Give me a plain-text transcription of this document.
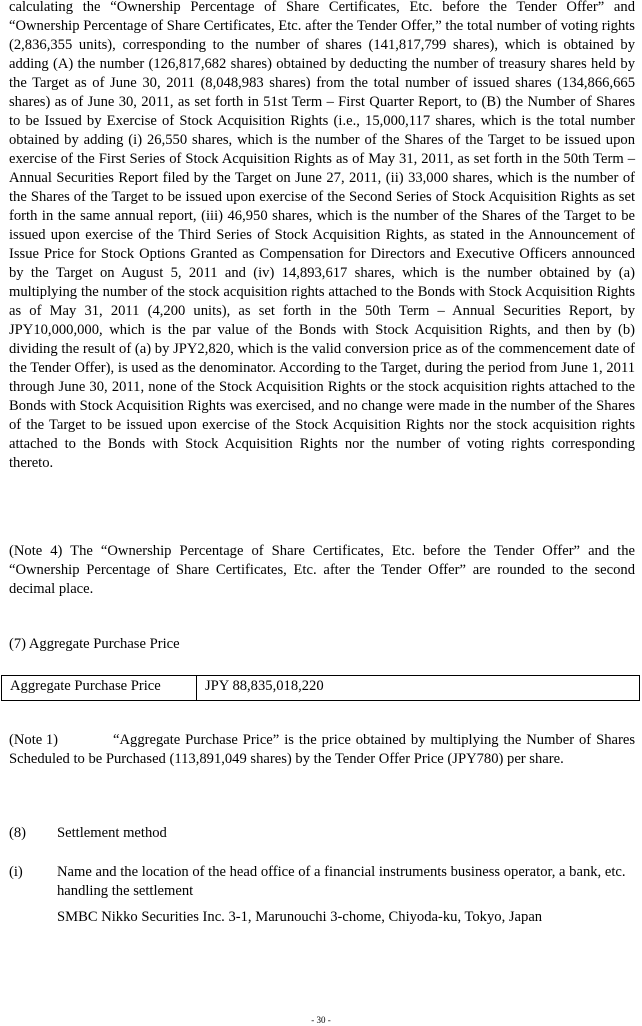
calculating the “Ownership Percentage of Share Certificates, Etc. before the Tender Offer” and “Ownership Percentage of Share Certificates, Etc. after the Tender Offer,” the total number of voting rights (2,836,355 units), corresponding to the number of shares (141,817,799 shares), which is obtained by adding (A) the number (126,817,682 shares) obtained by deducting the number of treasury shares held by the Target as of June 30, 2011 (8,048,983 shares) from the total number of issued shares (134,866,665 shares) as of June 30, 2011, as set forth in 51st Term – First Quarter Report, to (B) the Number of Shares to be Issued by Exercise of Stock Acquisition Rights (i.e., 15,000,117 shares, which is the total number obtained by adding (i) 26,550 shares, which is the number of the Shares of the Target to be issued upon exercise of the First Series of Stock Acquisition Rights as of May 31, 2011, as set forth in the 50th Term – Annual Securities Report filed by the Target on June 27, 2011, (ii) 33,000 shares, which is the number of the Shares of the Target to be issued upon exercise of the Second Series of Stock Acquisition Rights as set forth in the same annual report, (iii) 46,950 shares, which is the number of the Shares of the Target to be issued upon exercise of the Third Series of Stock Acquisition Rights, as stated in the Announcement of Issue Price for Stock Options Granted as Compensation for Directors and Executive Officers announced by the Target on August 5, 2011 and (iv) 14,893,617 shares, which is the number obtained by (a) multiplying the number of the stock acquisition rights attached to the Bonds with Stock Acquisition Rights as of May 31, 2011 (4,200 units), as set forth in the 50th Term – Annual Securities Report, by JPY10,000,000, which is the par value of the Bonds with Stock Acquisition Rights, and then by (b) dividing the result of (a) by JPY2,820, which is the valid conversion price as of the commencement date of the Tender Offer), is used as the denominator. According to the Target, during the period from June 1, 2011 through June 30, 2011, none of the Stock Acquisition Rights or the stock acquisition rights attached to the Bonds with Stock Acquisition Rights was exercised, and no change were made in the number of the Shares of the Target to be issued upon exercise of the Stock Acquisition Rights nor the stock acquisition rights attached to the Bonds with Stock Acquisition Rights nor the number of voting rights corresponding thereto.

(Note 4) The “Ownership Percentage of Share Certificates, Etc. before the Tender Offer” and the “Ownership Percentage of Share Certificates, Etc. after the Tender Offer” are rounded to the second decimal place.

(7) Aggregate Purchase Price

Aggregate Purchase Price	JPY 88,835,018,220

(Note 1)	“Aggregate Purchase Price” is the price obtained by multiplying the Number of Shares Scheduled to be Purchased (113,891,049 shares) by the Tender Offer Price (JPY780) per share.

(8) Settlement method

(i) Name and the location of the head office of a financial instruments business operator, a bank, etc. handling the settlement

SMBC Nikko Securities Inc. 3-1, Marunouchi 3-chome, Chiyoda-ku, Tokyo, Japan

- 30 -
